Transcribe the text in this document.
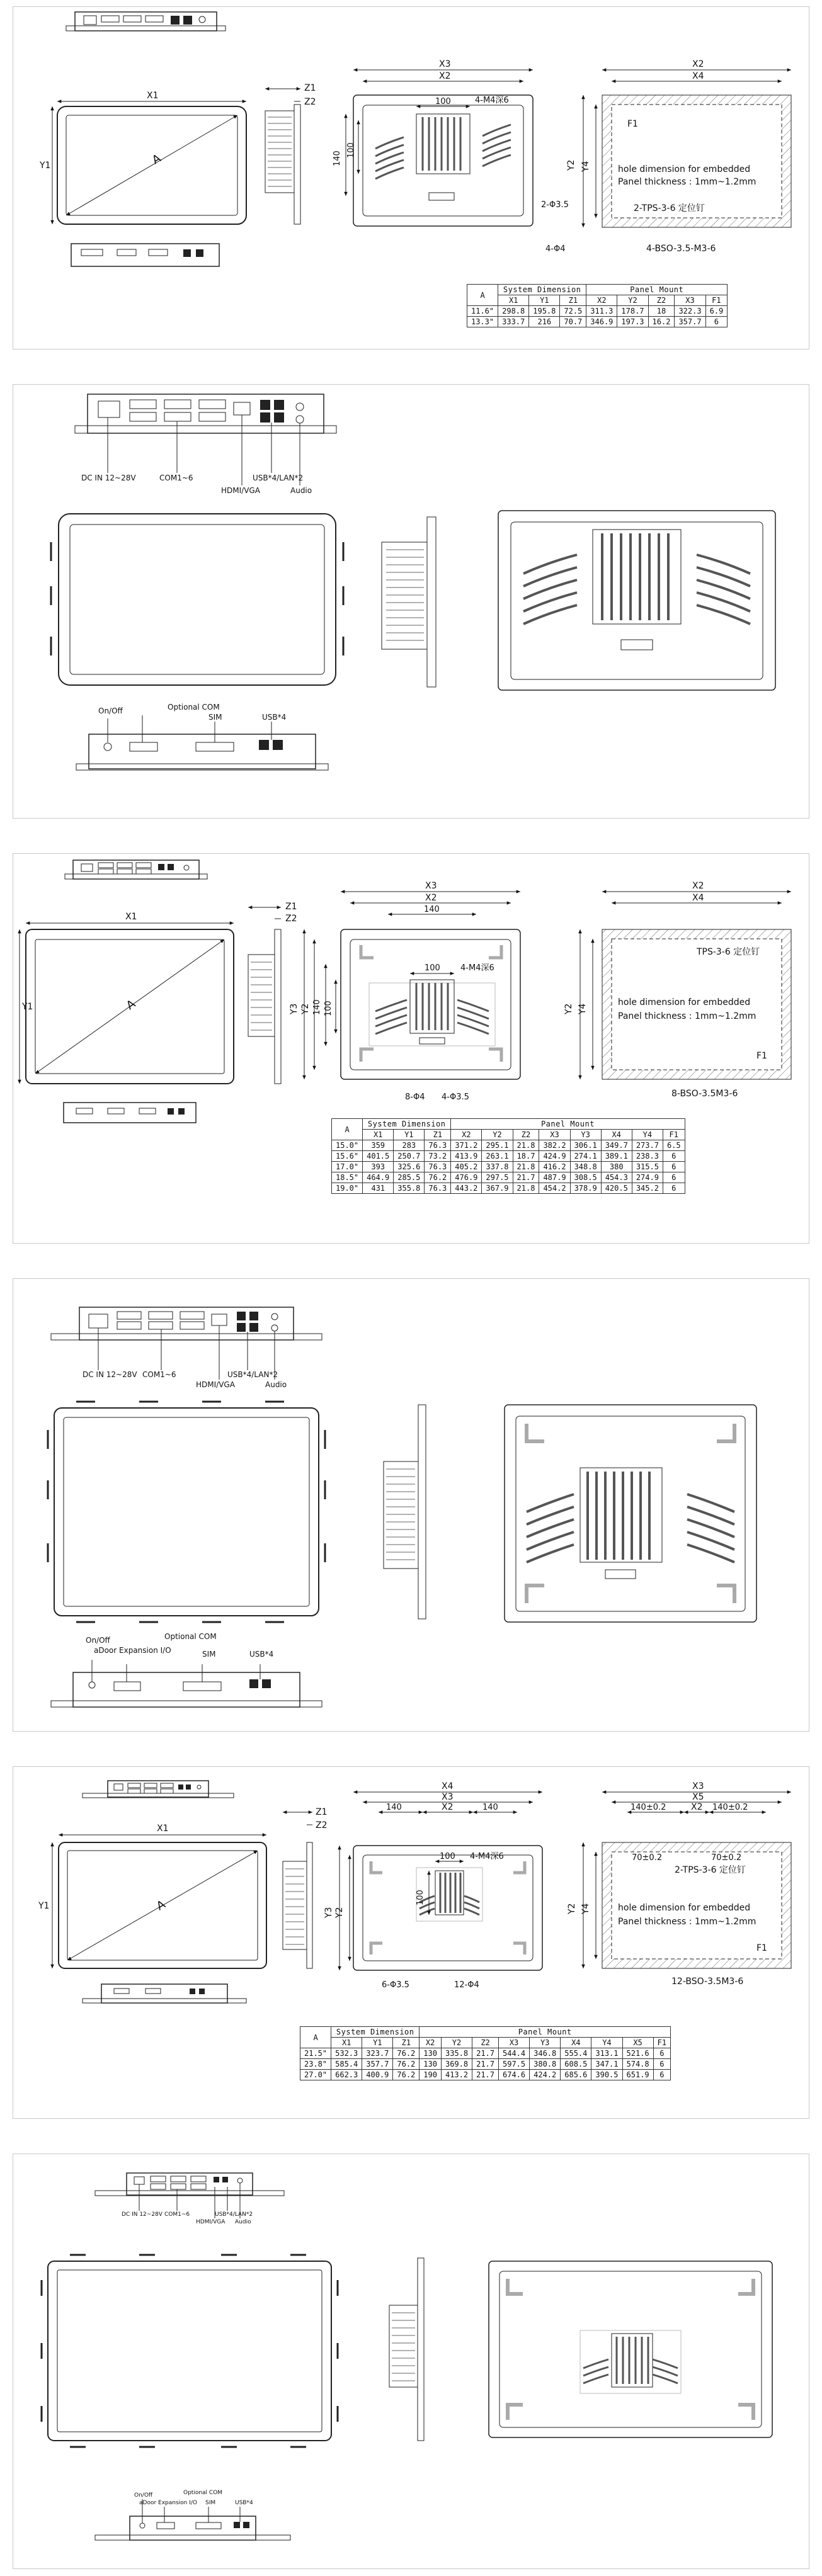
A
X1
Y1
Z1
Z2
X3
X2
100	4-M4深6
140
100
2-Φ3.5
4-Φ4
X2
X4
Y2 Y4
F1
hole dimension for embedded
Panel thickness : 1mm~1.2mm
2-TPS-3-6 定位钉
4-BSO-3.5-M3-6
A	System Dimension			Panel Mount				
	X1	Y1	Z1	X2	Y2	Z2	X3	F1
11.6"	298.8	195.8	72.5	311.3	178.7	18	322.3	6.9
13.3"	333.7	216	70.7	346.9	197.3	16.2	357.7	6
DC IN 12~28V	COM1~6
HDMI/VGA
USB*4/LAN*2
Audio
On/Off	Optional COM
SIM	USB*4
A
X1
Y1
Z1
Z2
X3
X2
140
100 4-M4深6
Y3 Y2 140 100
8-Φ4 4-Φ3.5
X2
X4
Y2 Y4
TPS-3-6 定位钉
hole dimension for embedded
Panel thickness : 1mm~1.2mm
F1
8-BSO-3.5M3-6
A	System Dimension			Panel Mount							
	X1	Y1	Z1	X2	Y2	Z2	X3	Y3	X4	Y4	F1
15.0"	359	283	76.3	371.2	295.1	21.8	382.2	306.1	349.7	273.7	6.5
15.6"	401.5	250.7	73.2	413.9	263.1	18.7	424.9	274.1	389.1	238.3	6
17.0"	393	325.6	76.3	405.2	337.8	21.8	416.2	348.8	380	315.5	6
18.5"	464.9	285.5	76.2	476.9	297.5	21.7	487.9	308.5	454.3	274.9	6
19.0"	431	355.8	76.3	443.2	367.9	21.8	454.2	378.9	420.5	345.2	6
DC IN 12~28V COM1~6
HDMI/VGA
USB*4/LAN*2
Audio
On/Off
aDoor Expansion I/O
Optional COM
SIM	USB*4
A
X1
Y1
Z1
Z2
X4
X3
140	X2	140
100 4-M4深6
Y3 Y2
100
6-Φ3.5	12-Φ4
X3
X5
140±0.2	X2 140±0.2
70±0.2	70±0.2
2-TPS-3-6 定位钉
Y2 Y4	hole dimension for embedded
Panel thickness : 1mm~1.2mm
F1
12-BSO-3.5M3-6
A	System Dimension			Panel Mount								
	X1	Y1	Z1	X2	Y2	Z2	X3	Y3	X4	Y4	X5	F1
21.5"	532.3	323.7	76.2	130	335.8	21.7	544.4	346.8	555.4	313.1	521.6	6
23.8"	585.4	357.7	76.2	130	369.8	21.7	597.5	380.8	608.5	347.1	574.8	6
27.0"	662.3	400.9	76.2	190	413.2	21.7	674.6	424.2	685.6	390.5	651.9	6
DC IN 12~28V COM1~6
HDMI/VGA
USB*4/LAN*2
Audio
On/Off
aDoor Expansion I/O
Optional COM
SIM	USB*4
